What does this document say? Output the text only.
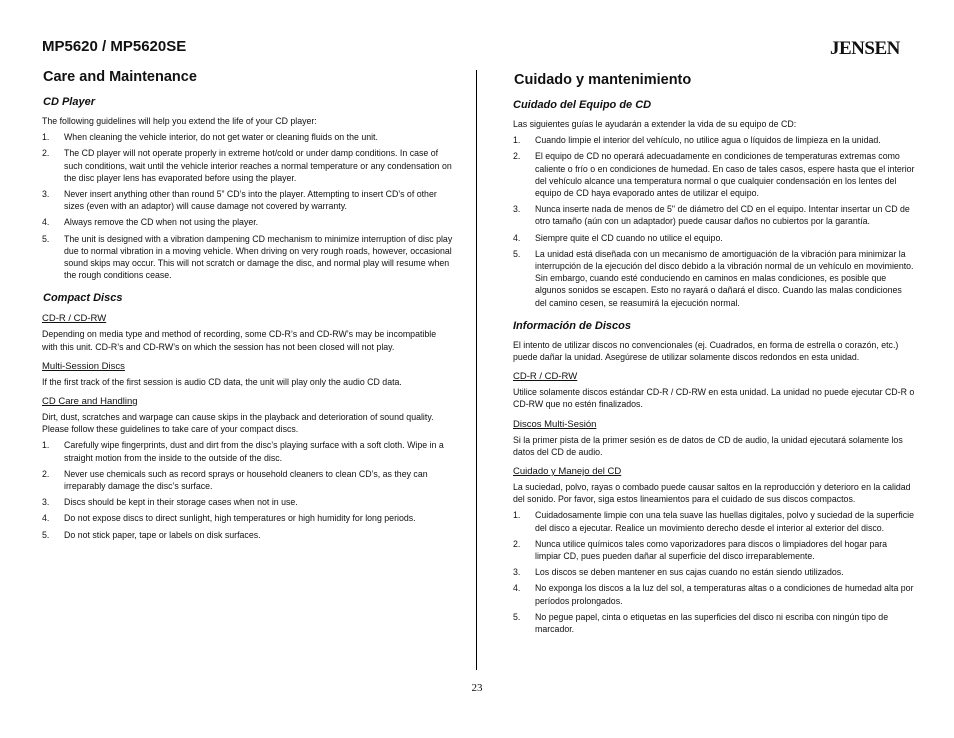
MP5620 / MP5620SE	JENSEN
Care and Maintenance
CD Player
The following guidelines will help you extend the life of your CD player:
1. When cleaning the vehicle interior, do not get water or cleaning fluids on the unit.
2. The CD player will not operate properly in extreme hot/cold or under damp conditions. In case of such conditions, wait until the vehicle interior reaches a normal temperature or any condensation on the disc player lens has evaporated before using the player.
3. Never insert anything other than round 5” CD’s into the player. Attempting to insert CD’s of other sizes (even with an adaptor) will cause damage not covered by warranty.
4. Always remove the CD when not using the player.
5. The unit is designed with a vibration dampening CD mechanism to minimize interruption of disc play due to normal vibration in a moving vehicle. When driving on very rough roads, however, occasional sound skips may occur. This will not scratch or damage the disc, and normal play will resume when the rough conditions cease.
Compact Discs
CD-R / CD-RW
Depending on media type and method of recording, some CD-R’s and CD-RW’s may be incompatible with this unit. CD-R’s and CD-RW’s on which the session has not been closed will not play.
Multi-Session Discs
If the first track of the first session is audio CD data, the unit will play only the audio CD data.
CD Care and Handling
Dirt, dust, scratches and warpage can cause skips in the playback and deterioration of sound quality. Please follow these guidelines to take care of your compact discs.
1. Carefully wipe fingerprints, dust and dirt from the disc’s playing surface with a soft cloth. Wipe in a straight motion from the inside to the outside of the disc.
2. Never use chemicals such as record sprays or household cleaners to clean CD’s, as they can irreparably damage the disc’s surface.
3. Discs should be kept in their storage cases when not in use.
4. Do not expose discs to direct sunlight, high temperatures or high humidity for long periods.
5. Do not stick paper, tape or labels on disk surfaces.
Cuidado y mantenimiento
Cuidado del Equipo de CD
Las siguientes guías le ayudarán a extender la vida de su equipo de CD:
1. Cuando limpie el interior del vehículo, no utilice agua o líquidos de limpieza en la unidad.
2. El equipo de CD no operará adecuadamente en condiciones de temperaturas extremas como caliente o frío o en condiciones de humedad. En caso de tales casos, espere hasta que el interior del vehículo alcance una temperatura normal o que cualquier condensación en los lentes del equipo de CD haya evaporado antes de utilizar el equipo.
3. Nunca inserte nada de menos de 5" de diámetro del CD en el equipo. Intentar insertar un CD de otro tamaño (aún con un adaptador) puede causar daños no cubiertos por la garantía.
4. Siempre quite el CD cuando no utilice el equipo.
5. La unidad está diseñada con un mecanismo de amortiguación de la vibración para minimizar la interrupción de la ejecución del disco debido a la vibración normal de un vehículo en movimiento. Sin embargo, cuando esté conduciendo en caminos en malas condiciones, es posible que algunos sonidos se escapen. Esto no rayará o dañará el disco. Cuando las malas condiciones del camino cesen, se reasumirá la ejecución normal.
Información de Discos
El intento de utilizar discos no convencionales (ej. Cuadrados, en forma de estrella o corazón, etc.) puede dañar la unidad. Asegúrese de utilizar solamente discos redondos en esta unidad.
CD-R / CD-RW
Utilice solamente discos estándar CD-R / CD-RW en esta unidad. La unidad no puede ejecutar CD-R o CD-RW que no estén finalizados.
Discos Multi-Sesión
Si la primer pista de la primer sesión es de datos de CD de audio, la unidad ejecutará solamente los datos del CD de audio.
Cuidado y Manejo del CD
La suciedad, polvo, rayas o combado puede causar saltos en la reproducción y deterioro en la calidad del sonido. Por favor, siga estos lineamientos para el cuidado de sus discos compactos.
1. Cuidadosamente limpie con una tela suave las huellas digitales, polvo y suciedad de la superficie del disco a ejecutar. Realice un movimiento derecho desde el interior al exterior del disco.
2. Nunca utilice químicos tales como vaporizadores para discos o limpiadores del hogar para limpiar CD, pues pueden dañar al superficie del disco irreparablemente.
3. Los discos se deben mantener en sus cajas cuando no están siendo utilizados.
4. No exponga los discos a la luz del sol, a temperaturas altas o a condiciones de humedad alta por períodos prolongados.
5. No pegue papel, cinta o etiquetas en las superficies del disco ni escriba con ningún tipo de marcador.
23
